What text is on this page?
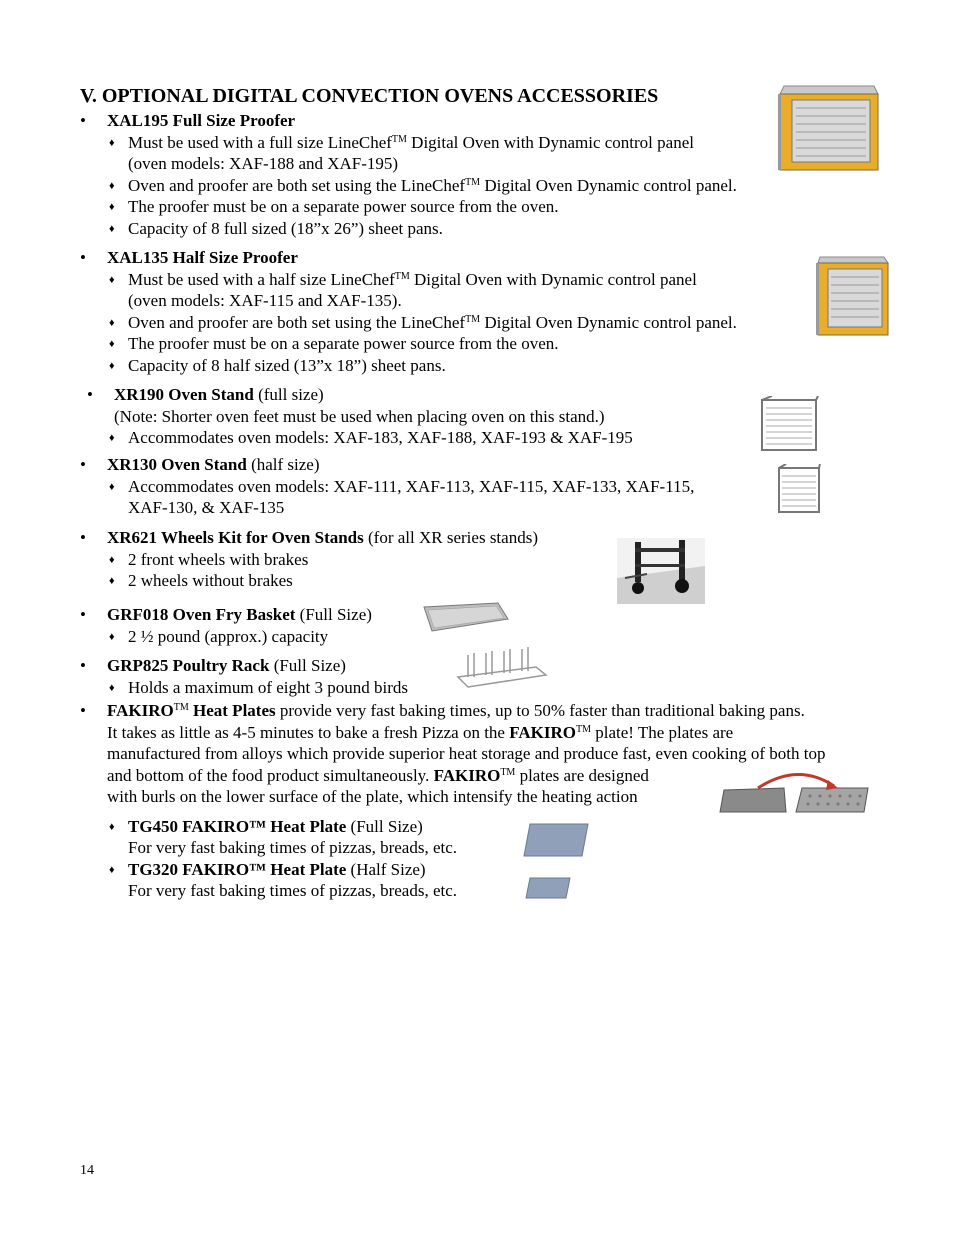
V. OPTIONAL DIGITAL CONVECTION OVENS ACCESSORIES
•
XAL195 Full Size Proofer
♦ Must be used with a full size LineChef™ Digital Oven with Dynamic control panel
(oven models: XAF-188 and XAF-195)
♦ Oven and proofer are both set using the LineChef™ Digital Oven Dynamic control panel.
♦ The proofer must be on a separate power source from the oven.
♦ Capacity of 8 full sized (18”x 26”) sheet pans.
•
XAL135 Half Size Proofer
♦ Must be used with a half size LineChef™ Digital Oven with Dynamic control panel
(oven models: XAF-115 and XAF-135).
♦ Oven and proofer are both set using the LineChef™ Digital Oven Dynamic control panel.
♦ The proofer must be on a separate power source from the oven.
♦ Capacity of 8 half sized (13”x 18”) sheet pans.
•
XR190 Oven Stand (full size)
(Note: Shorter oven feet must be used when placing oven on this stand.)
♦ Accommodates oven models: XAF-183, XAF-188, XAF-193 & XAF-195
•
XR130 Oven Stand (half size)
♦ Accommodates oven models: XAF-111, XAF-113, XAF-115, XAF-133, XAF-115,
XAF-130, & XAF-135
•
XR621 Wheels Kit for Oven Stands (for all XR series stands)
♦ 2 front wheels with brakes
♦ 2 wheels without brakes
•
GRF018 Oven Fry Basket (Full Size)
♦ 2 ½ pound (approx.) capacity
•
GRP825 Poultry Rack (Full Size)
♦ Holds a maximum of eight 3 pound birds
•
FAKIRO™ Heat Plates provide very fast baking times, up to 50% faster than traditional baking pans.
It takes as little as 4-5 minutes to bake a fresh Pizza on the FAKIRO™ plate! The plates are
manufactured from alloys which provide superior heat storage and produce fast, even cooking of both top
and bottom of the food product simultaneously. FAKIRO™ plates are designed
with burls on the lower surface of the plate, which intensify the heating action
♦ TG450 FAKIRO™ Heat Plate (Full Size)
For very fast baking times of pizzas, breads, etc.
♦ TG320 FAKIRO™ Heat Plate (Half Size)
For very fast baking times of pizzas, breads, etc.
14
